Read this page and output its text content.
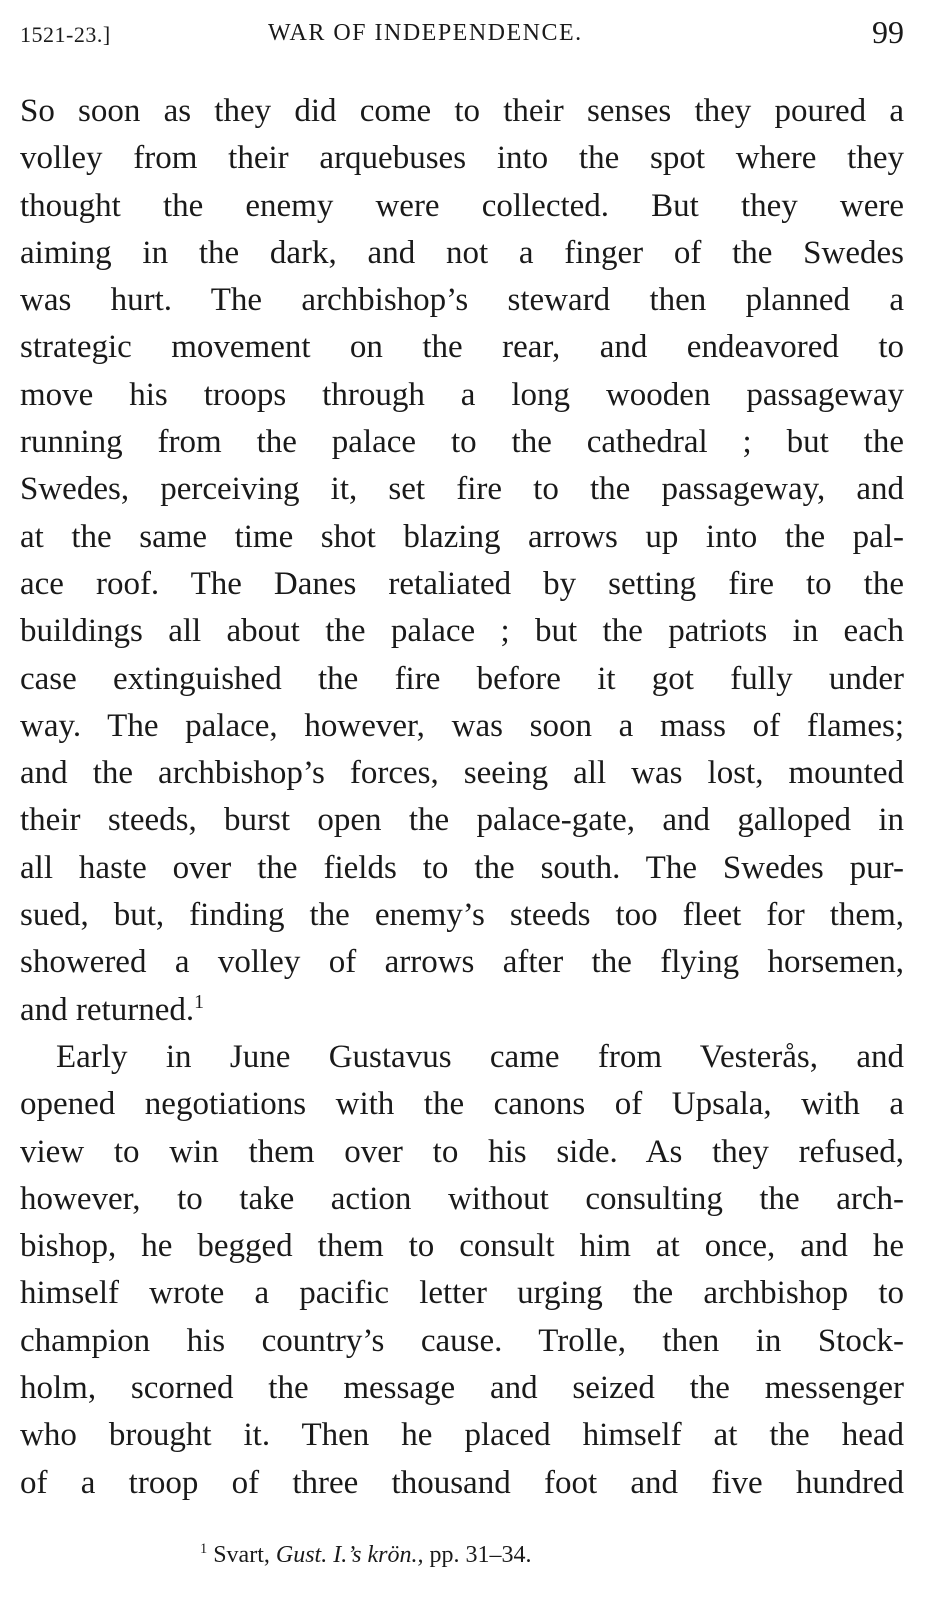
1521-23.]	WAR OF INDEPENDENCE.	99
So soon as they did come to their senses they poured a
volley from their arquebuses into the spot where they
thought the enemy were collected. But they were
aiming in the dark, and not a finger of the Swedes
was hurt. The archbishop’s steward then planned a
strategic movement on the rear, and endeavored to
move his troops through a long wooden passageway
running from the palace to the cathedral ; but the
Swedes, perceiving it, set fire to the passageway, and
at the same time shot blazing arrows up into the pal-
ace roof. The Danes retaliated by setting fire to the
buildings all about the palace ; but the patriots in each
case extinguished the fire before it got fully under
way. The palace, however, was soon a mass of flames;
and the archbishop’s forces, seeing all was lost, mounted
their steeds, burst open the palace-gate, and galloped in
all haste over the fields to the south. The Swedes pur-
sued, but, finding the enemy’s steeds too fleet for them,
showered a volley of arrows after the flying horsemen,
and returned.$^1$
Early in June Gustavus came from Vesterås, and
opened negotiations with the canons of Upsala, with a
view to win them over to his side. As they refused,
however, to take action without consulting the arch-
bishop, he begged them to consult him at once, and he
himself wrote a pacific letter urging the archbishop to
champion his country’s cause. Trolle, then in Stock-
holm, scorned the message and seized the messenger
who brought it. Then he placed himself at the head
of a troop of three thousand foot and five hundred
$^1$ Svart, Gust. I.’s krön., pp. 31–34.
